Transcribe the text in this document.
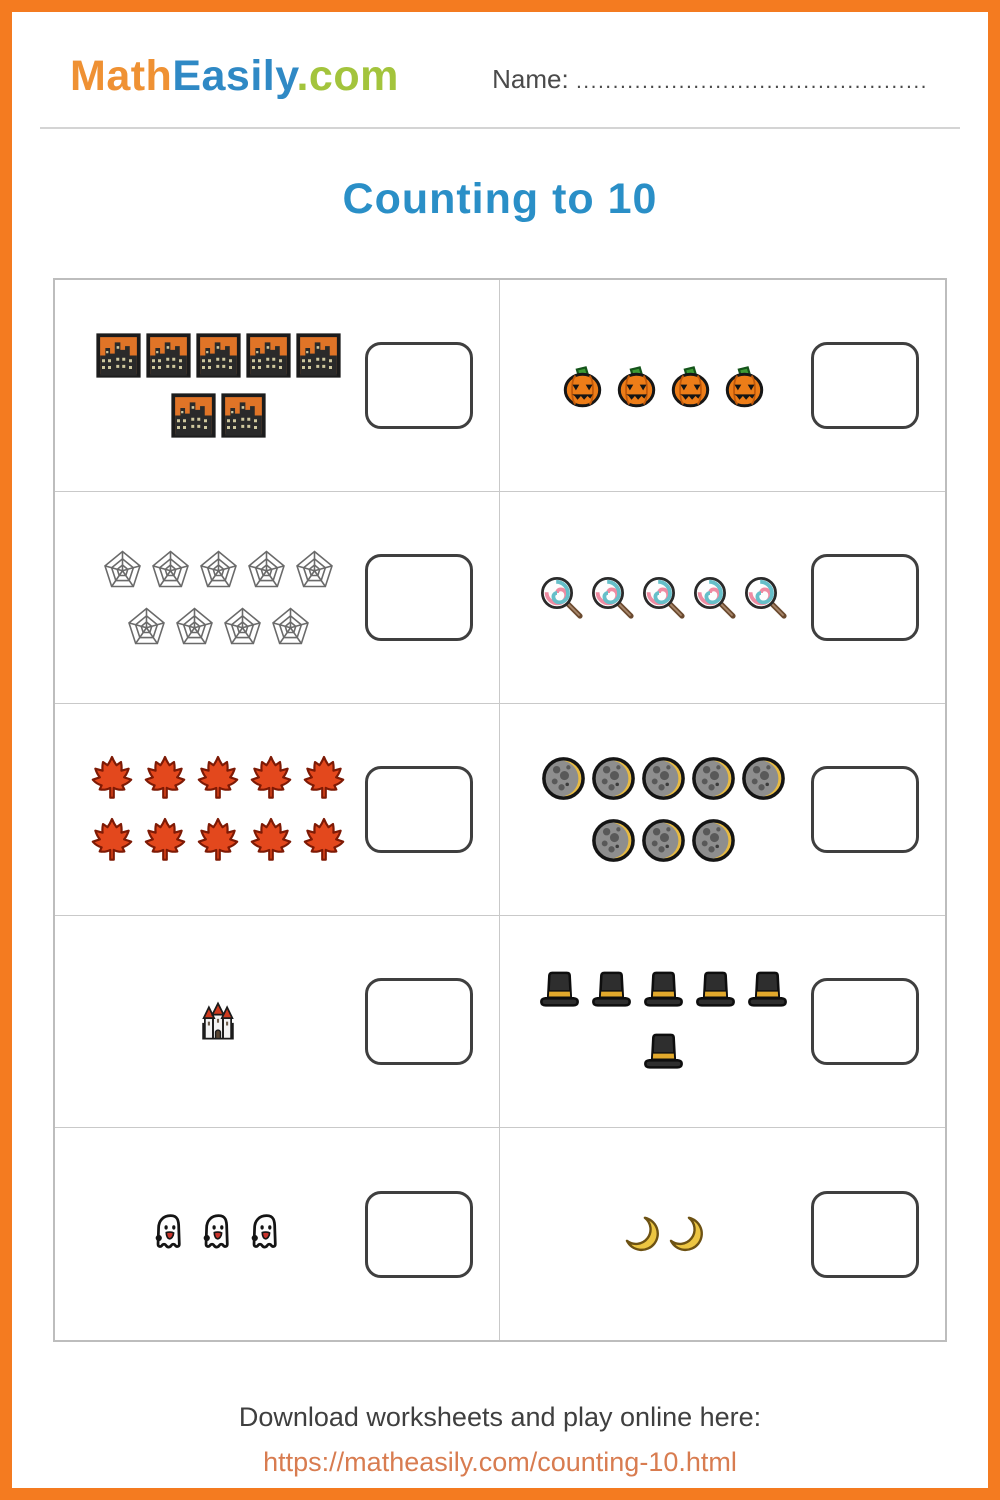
MathEasily.com	Name: ................................................
Counting to 10

Download worksheets and play online here:

https://matheasily.com/counting-10.html
